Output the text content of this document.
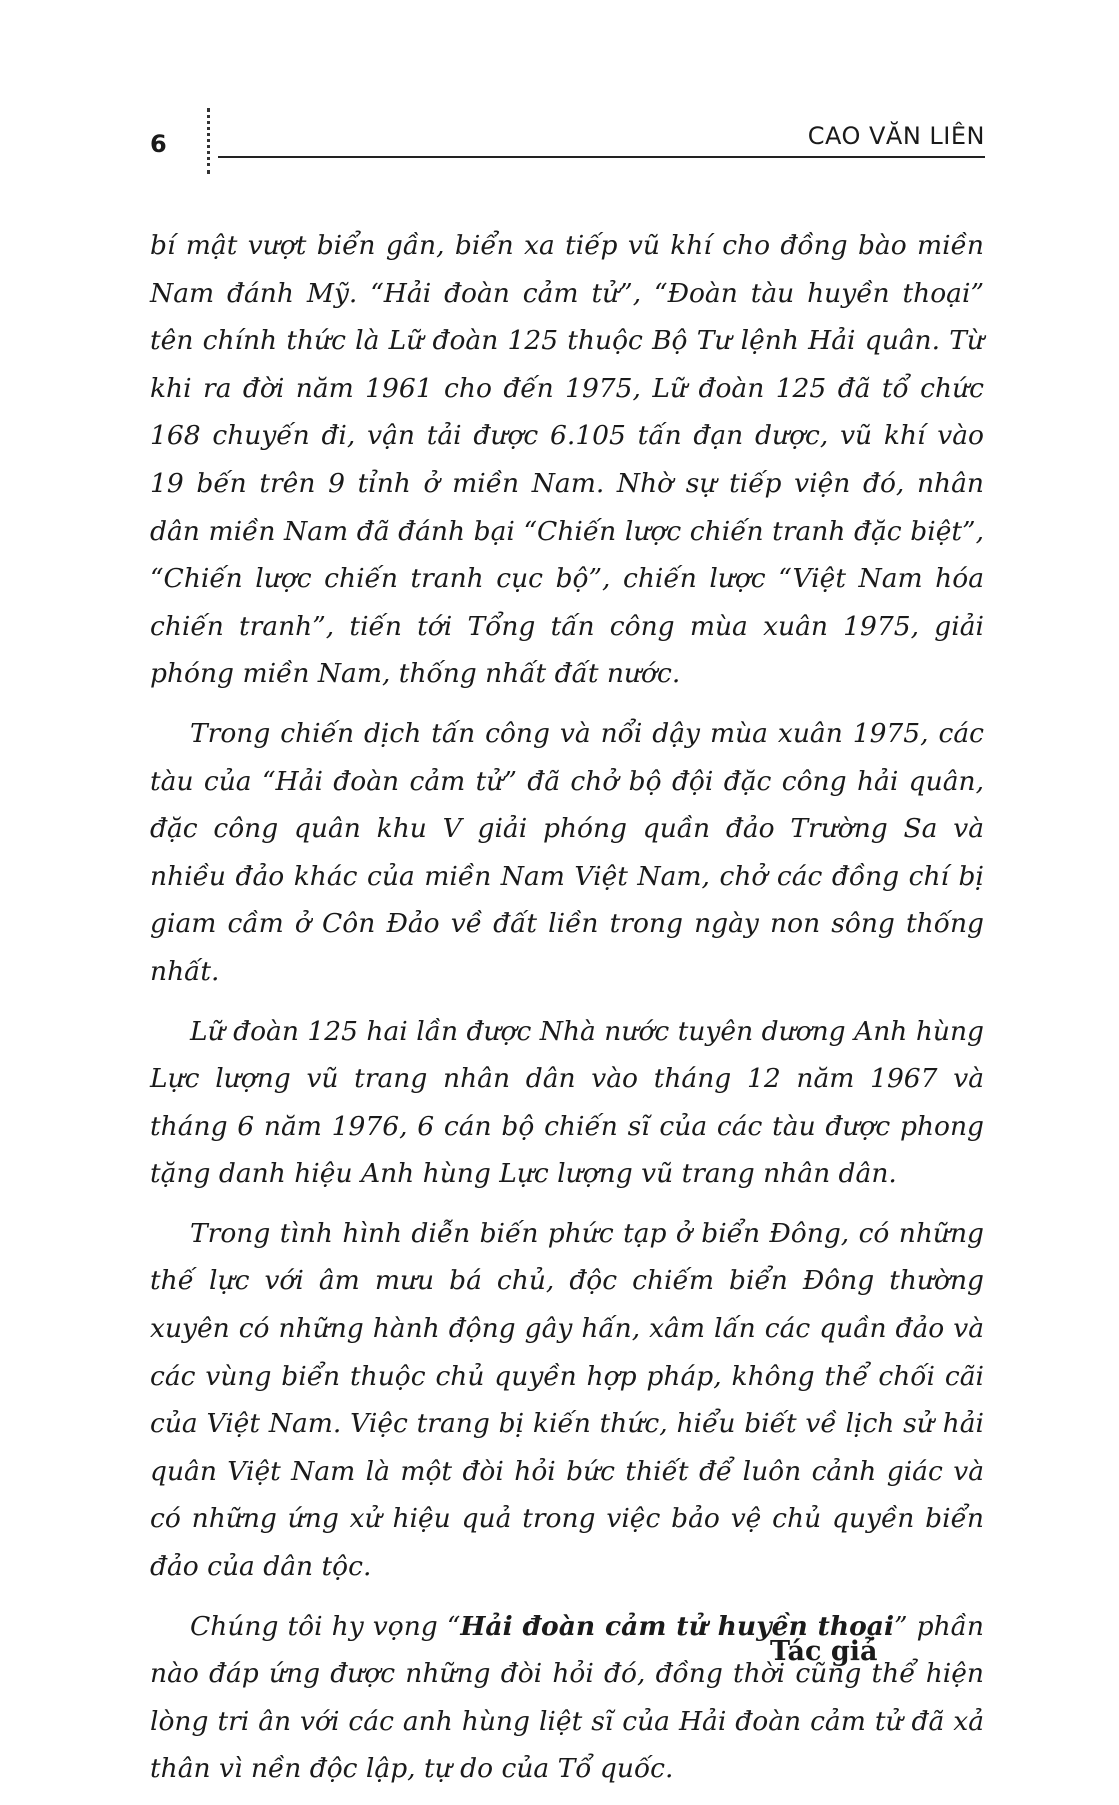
6	CAO VĂN LIÊN

bí mật vượt biển gần, biển xa tiếp vũ khí cho đồng bào miền Nam đánh Mỹ. “Hải đoàn cảm tử”, “Đoàn tàu huyền thoại” tên chính thức là Lữ đoàn 125 thuộc Bộ Tư lệnh Hải quân. Từ khi ra đời năm 1961 cho đến 1975, Lữ đoàn 125 đã tổ chức 168 chuyến đi, vận tải được 6.105 tấn đạn dược, vũ khí vào 19 bến trên 9 tỉnh ở miền Nam. Nhờ sự tiếp viện đó, nhân dân miền Nam đã đánh bại “Chiến lược chiến tranh đặc biệt”, “Chiến lược chiến tranh cục bộ”, chiến lược “Việt Nam hóa chiến tranh”, tiến tới Tổng tấn công mùa xuân 1975, giải phóng miền Nam, thống nhất đất nước.

Trong chiến dịch tấn công và nổi dậy mùa xuân 1975, các tàu của “Hải đoàn cảm tử” đã chở bộ đội đặc công hải quân, đặc công quân khu V giải phóng quần đảo Trường Sa và nhiều đảo khác của miền Nam Việt Nam, chở các đồng chí bị giam cầm ở Côn Đảo về đất liền trong ngày non sông thống nhất.

Lữ đoàn 125 hai lần được Nhà nước tuyên dương Anh hùng Lực lượng vũ trang nhân dân vào tháng 12 năm 1967 và tháng 6 năm 1976, 6 cán bộ chiến sĩ của các tàu được phong tặng danh hiệu Anh hùng Lực lượng vũ trang nhân dân.

Trong tình hình diễn biến phức tạp ở biển Đông, có những thế lực với âm mưu bá chủ, độc chiếm biển Đông thường xuyên có những hành động gây hấn, xâm lấn các quần đảo và các vùng biển thuộc chủ quyền hợp pháp, không thể chối cãi của Việt Nam. Việc trang bị kiến thức, hiểu biết về lịch sử hải quân Việt Nam là một đòi hỏi bức thiết để luôn cảnh giác và có những ứng xử hiệu quả trong việc bảo vệ chủ quyền biển đảo của dân tộc.

Chúng tôi hy vọng “Hải đoàn cảm tử huyền thoại” phần nào đáp ứng được những đòi hỏi đó, đồng thời cũng thể hiện lòng tri ân với các anh hùng liệt sĩ của Hải đoàn cảm tử đã xả thân vì nền độc lập, tự do của Tổ quốc.

Tác giả
